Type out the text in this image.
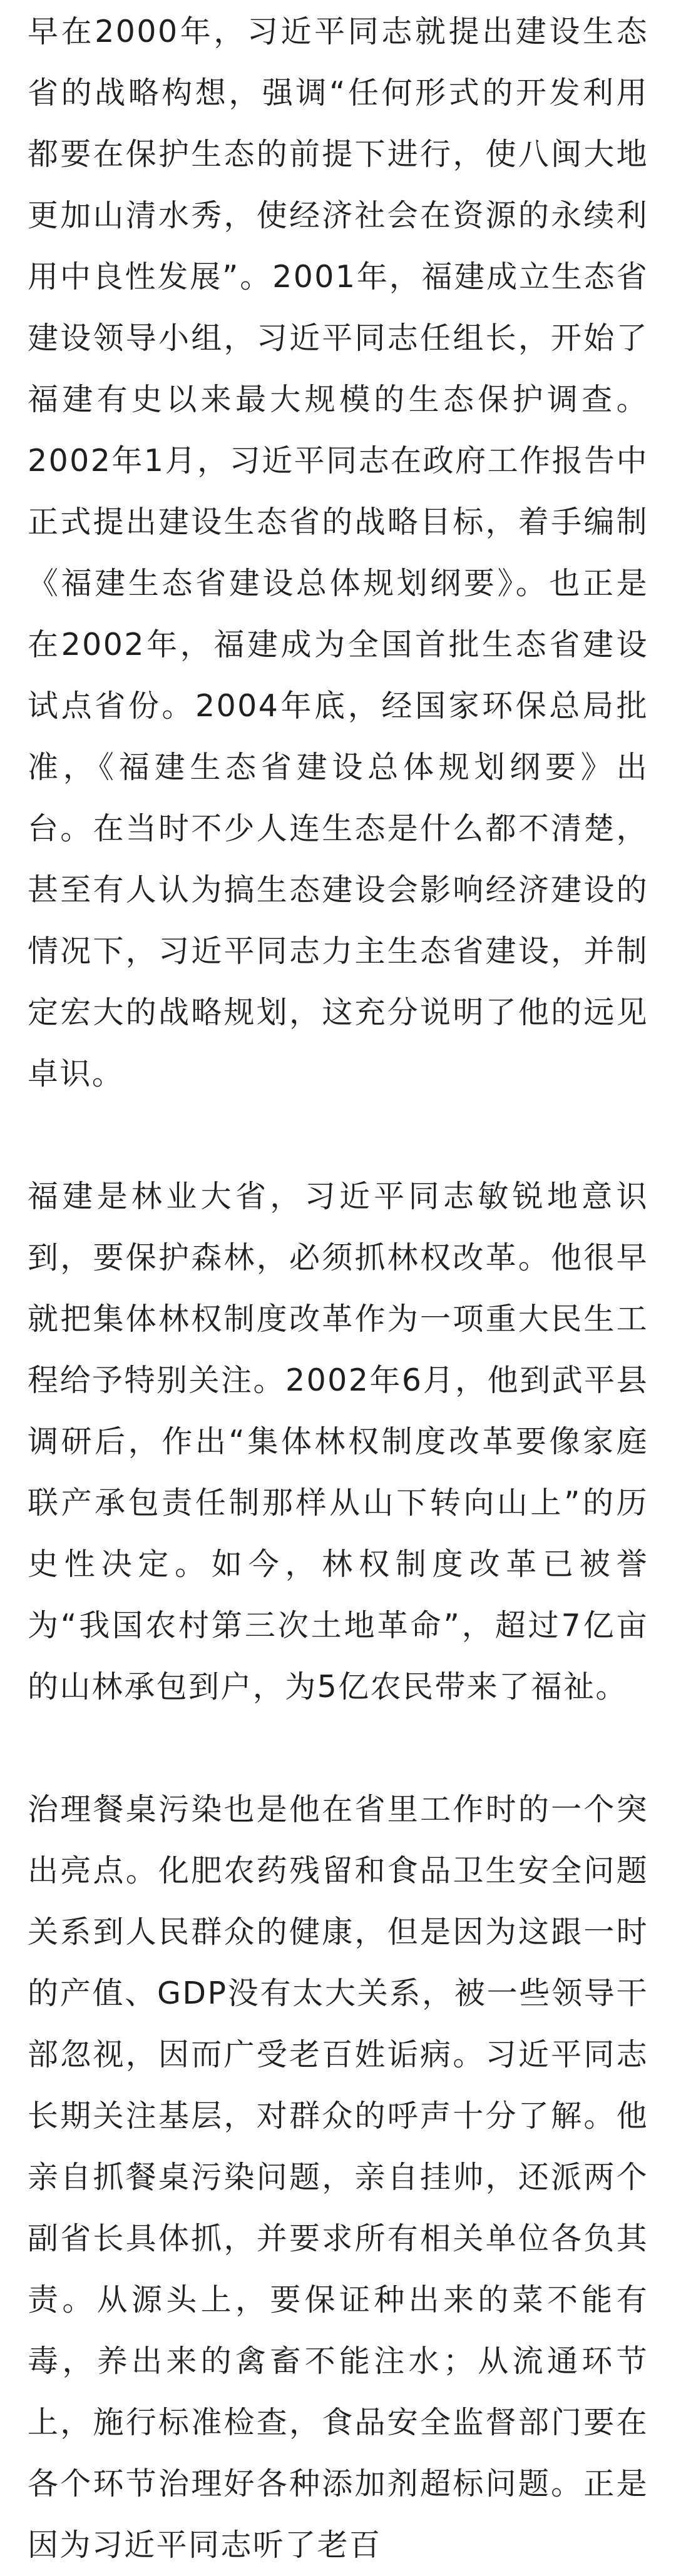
早在2000年，习近平同志就提出建设生态省的战略构想，强调“任何形式的开发利用都要在保护生态的前提下进行，使八闽大地更加山清水秀，使经济社会在资源的永续利用中良性发展”。2001年，福建成立生态省建设领导小组，习近平同志任组长，开始了福建有史以来最大规模的生态保护调查。2002年1月，习近平同志在政府工作报告中正式提出建设生态省的战略目标，着手编制《福建生态省建设总体规划纲要》。也正是在2002年，福建成为全国首批生态省建设试点省份。2004年底，经国家环保总局批准，《福建生态省建设总体规划纲要》出台。在当时不少人连生态是什么都不清楚，甚至有人认为搞生态建设会影响经济建设的情况下，习近平同志力主生态省建设，并制定宏大的战略规划，这充分说明了他的远见卓识。

福建是林业大省，习近平同志敏锐地意识到，要保护森林，必须抓林权改革。他很早就把集体林权制度改革作为一项重大民生工程给予特别关注。2002年6月，他到武平县调研后，作出“集体林权制度改革要像家庭联产承包责任制那样从山下转向山上”的历史性决定。如今，林权制度改革已被誉为“我国农村第三次土地革命”，超过7亿亩的山林承包到户，为5亿农民带来了福祉。

治理餐桌污染也是他在省里工作时的一个突出亮点。化肥农药残留和食品卫生安全问题关系到人民群众的健康，但是因为这跟一时的产值、GDP没有太大关系，被一些领导干部忽视，因而广受老百姓诟病。习近平同志长期关注基层，对群众的呼声十分了解。他亲自抓餐桌污染问题，亲自挂帅，还派两个副省长具体抓，并要求所有相关单位各负其责。从源头上，要保证种出来的菜不能有毒，养出来的禽畜不能注水；从流通环节上，施行标准检查，食品安全监督部门要在各个环节治理好各种添加剂超标问题。正是因为习近平同志听了老百
